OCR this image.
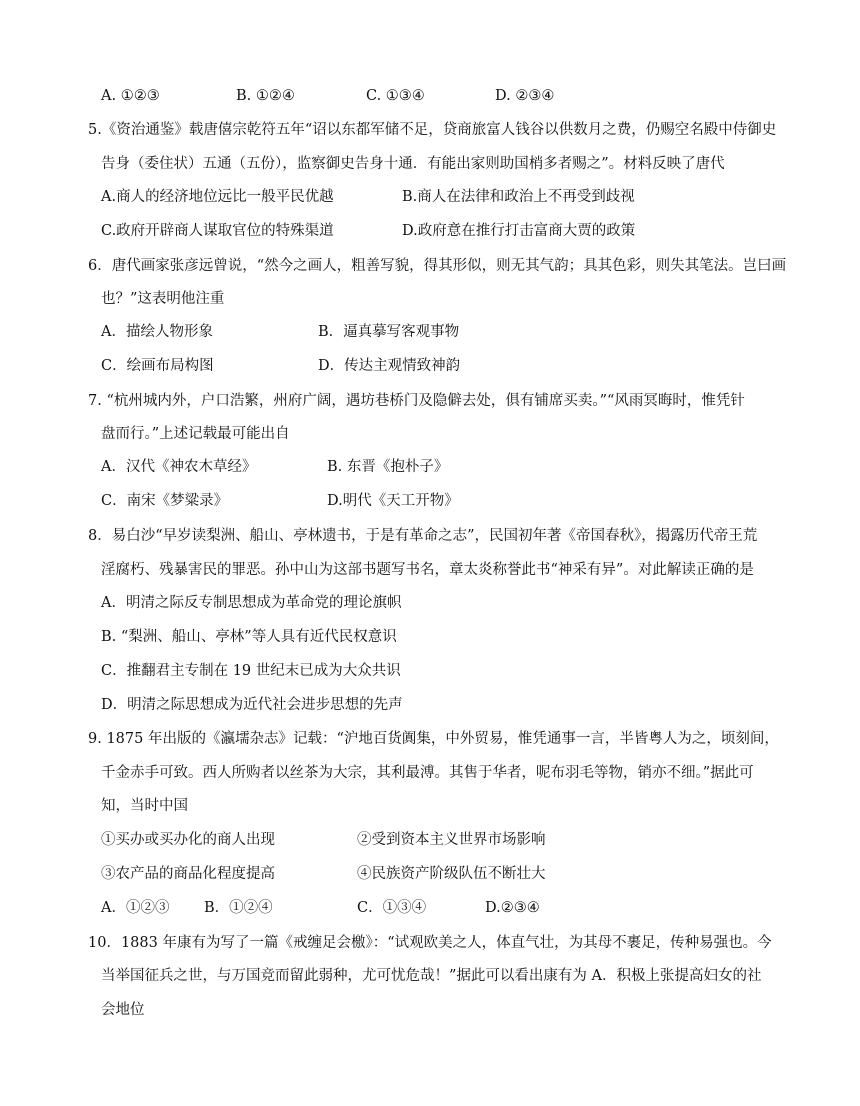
A. ①②③	B. ①②④	C. ①③④	D. ②③④
5.《资治通鉴》载唐僖宗乾符五年“诏以东都军储不足，贷商旅富人钱谷以供数月之费，仍赐空名殿中侍御史
告身（委住状）五通（五份），监察御史告身十通．有能出家则助国梢多者赐之”。材料反映了唐代
A.商人的经济地位远比一般平民优越	B.商人在法律和政治上不再受到歧视
C.政府开辟商人谋取官位的特殊渠道	D.政府意在推行打击富商大贾的政策
6．唐代画家张彦远曾说，“然今之画人，粗善写貌，得其形似，则无其气韵；具其色彩，则失其笔法。岂曰画
也？”这表明他注重
A．描绘人物形象	B．逼真摹写客观事物
C．绘画布局构图	D．传达主观情致神韵
7. “杭州城内外，户口浩繁，州府广阔，遇坊巷桥门及隐僻去处，俱有铺席买卖。”“风雨冥晦时，惟凭针
盘而行。”上述记载最可能出自
A．汉代《神农木草经》	B. 东晋《抱朴子》
C．南宋《梦粱录》	D.明代《天工开物》
8．易白沙“早岁读梨洲、船山、亭林遗书，于是有革命之志”，民国初年著《帝国春秋》，揭露历代帝王荒
淫腐朽、残暴害民的罪恶。孙中山为这部书题写书名，章太炎称誉此书“神采有异”。对此解读正确的是
A．明清之际反专制思想成为革命党的理论旗帜
B. “梨洲、船山、亭林”等人具有近代民权意识
C．推翻君主专制在 19 世纪末已成为大众共识
D．明清之际思想成为近代社会进步思想的先声
9. 1875 年出版的《瀛壖杂志》记载：“沪地百货阗集，中外贸易，惟凭通事一言，半皆粤人为之，顷刻间，
千金赤手可致。西人所购者以丝茶为大宗，其利最溥。其售于华者，呢布羽毛等物，销亦不细。”据此可
知，当时中国
①买办或买办化的商人出现	②受到资本主义世界市场影响
③农产品的商品化程度提高	④民族资产阶级队伍不断壮大
A．①②③ B．①②④	C．①③④	D.②③④
10．1883 年康有为写了一篇《戒缠足会檄》：“试观欧美之人，体直气壮，为其母不裹足，传种易强也。今
当举国征兵之世，与万国竞而留此弱种，尤可忧危哉！”据此可以看出康有为 A．积极上张提高妇女的社
会地位
